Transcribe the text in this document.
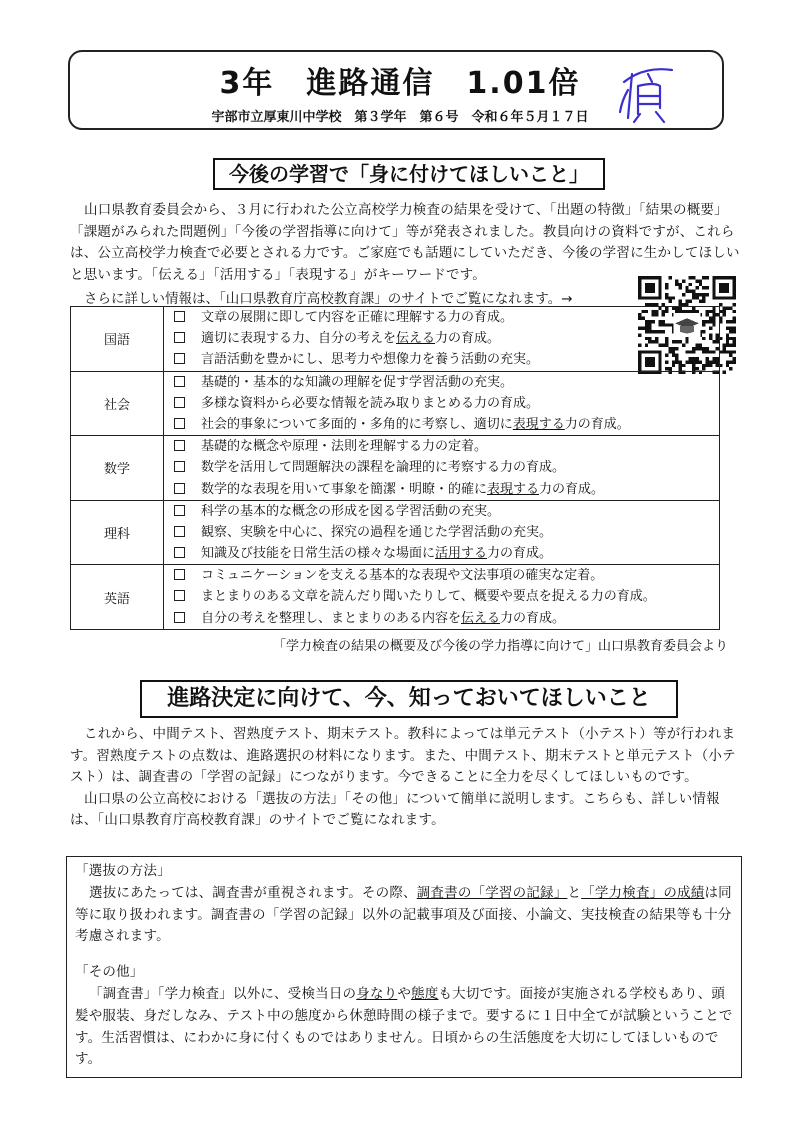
3年　進路通信　1.01倍
宇部市立厚東川中学校　第３学年　第６号　令和６年５月１７日
今後の学習で「身に付けてほしいこと」

山口県教育委員会から、３月に行われた公立高校学力検査の結果を受けて、「出題の特徴」「結果の概要」「課題がみられた問題例」「今後の学習指導に向けて」等が発表されました。教員向けの資料ですが、これらは、公立高校学力検査で必要とされる力です。ご家庭でも話題にしていただき、今後の学習に生かしてほしいと思います。「伝える」「活用する」「表現する」がキーワードです。

さらに詳しい情報は、「山口県教育庁高校教育課」のサイトでご覧になれます。→
国語	文章の展開に即して内容を正確に理解する力の育成。
適切に表現する力、自分の考えを伝える力の育成。
言語活動を豊かにし、思考力や想像力を養う活動の充実。

社会	基礎的・基本的な知識の理解を促す学習活動の充実。
多様な資料から必要な情報を読み取りまとめる力の育成。
社会的事象について多面的・多角的に考察し、適切に表現する力の育成。

数学	基礎的な概念や原理・法則を理解する力の定着。
数学を活用して問題解決の課程を論理的に考察する力の育成。
数学的な表現を用いて事象を簡潔・明瞭・的確に表現する力の育成。

理科	科学の基本的な概念の形成を図る学習活動の充実。
観察、実験を中心に、探究の過程を通じた学習活動の充実。
知識及び技能を日常生活の様々な場面に活用する力の育成。

英語	コミュニケーションを支える基本的な表現や文法事項の確実な定着。
まとまりのある文章を読んだり聞いたりして、概要や要点を捉える力の育成。
自分の考えを整理し、まとまりのある内容を伝える力の育成。
「学力検査の結果の概要及び今後の学力指導に向けて」山口県教育委員会より
進路決定に向けて、今、知っておいてほしいこと

これから、中間テスト、習熟度テスト、期末テスト。教科によっては単元テスト（小テスト）等が行われます。習熟度テストの点数は、進路選択の材料になります。また、中間テスト、期末テストと単元テスト（小テスト）は、調査書の「学習の記録」につながります。今できることに全力を尽くしてほしいものです。

山口県の公立高校における「選抜の方法」「その他」について簡単に説明します。こちらも、詳しい情報は、「山口県教育庁高校教育課」のサイトでご覧になれます。

「選抜の方法」

選抜にあたっては、調査書が重視されます。その際、調査書の「学習の記録」と「学力検査」の成績は同等に取り扱われます。調査書の「学習の記録」以外の記載事項及び面接、小論文、実技検査の結果等も十分考慮されます。

「その他」

「調査書」「学力検査」以外に、受検当日の身なりや態度も大切です。面接が実施される学校もあり、頭髪や服装、身だしなみ、テスト中の態度から休憩時間の様子まで。要するに１日中全てが試験ということです。生活習慣は、にわかに身に付くものではありません。日頃からの生活態度を大切にしてほしいものです。
